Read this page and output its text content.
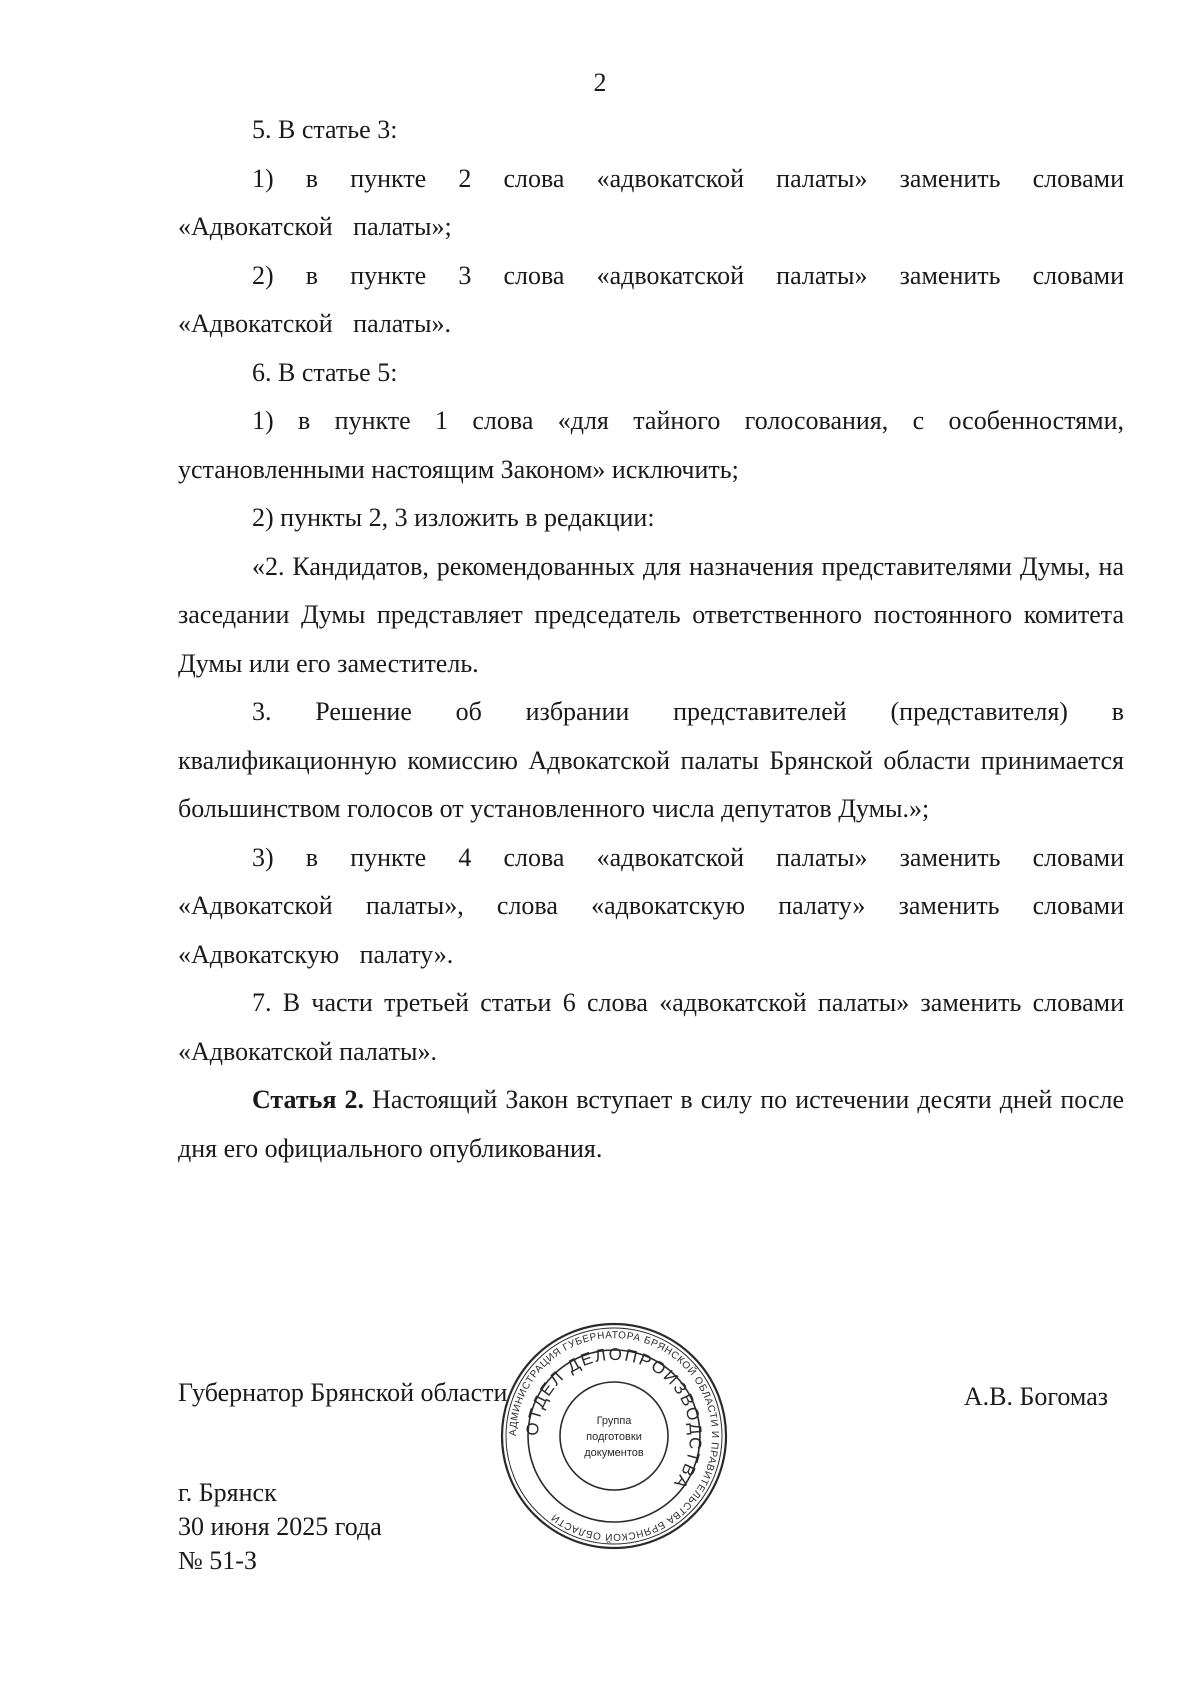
2

5. В статье 3:

1) в пункте 2 слова «адвокатской палаты» заменить словами «Адвокатской палаты»;

2) в пункте 3 слова «адвокатской палаты» заменить словами «Адвокатской палаты».

6. В статье 5:

1) в пункте 1 слова «для тайного голосования, с особенностями, установленными настоящим Законом» исключить;

2) пункты 2, 3 изложить в редакции:

«2. Кандидатов, рекомендованных для назначения представителями Думы, на заседании Думы представляет председатель ответственного постоянного комитета Думы или его заместитель.

3. Решение об избрании представителей (представителя) в квалификационную комиссию Адвокатской палаты Брянской области принимается большинством голосов от установленного числа депутатов Думы.»;

3) в пункте 4 слова «адвокатской палаты» заменить словами «Адвокатской палаты», слова «адвокатскую палату» заменить словами «Адвокатскую палату».

7. В части третьей статьи 6 слова «адвокатской палаты» заменить словами «Адвокатской палаты».

Статья 2. Настоящий Закон вступает в силу по истечении десяти дней после дня его официального опубликования.

Губернатор Брянской области	А.В. Богомаз
АДМИНИСТРАЦИЯ ГУБЕРНАТОРА БРЯНСКОЙ ОБЛАСТИ И ПРАВИТЕЛЬСТВА БРЯНСКОЙ ОБЛАСТИ
ОТДЕЛ ДЕЛОПРОИЗВОДСТВА
Группа
подготовки
документов
г. Брянск
30 июня 2025 года
№ 51-З
